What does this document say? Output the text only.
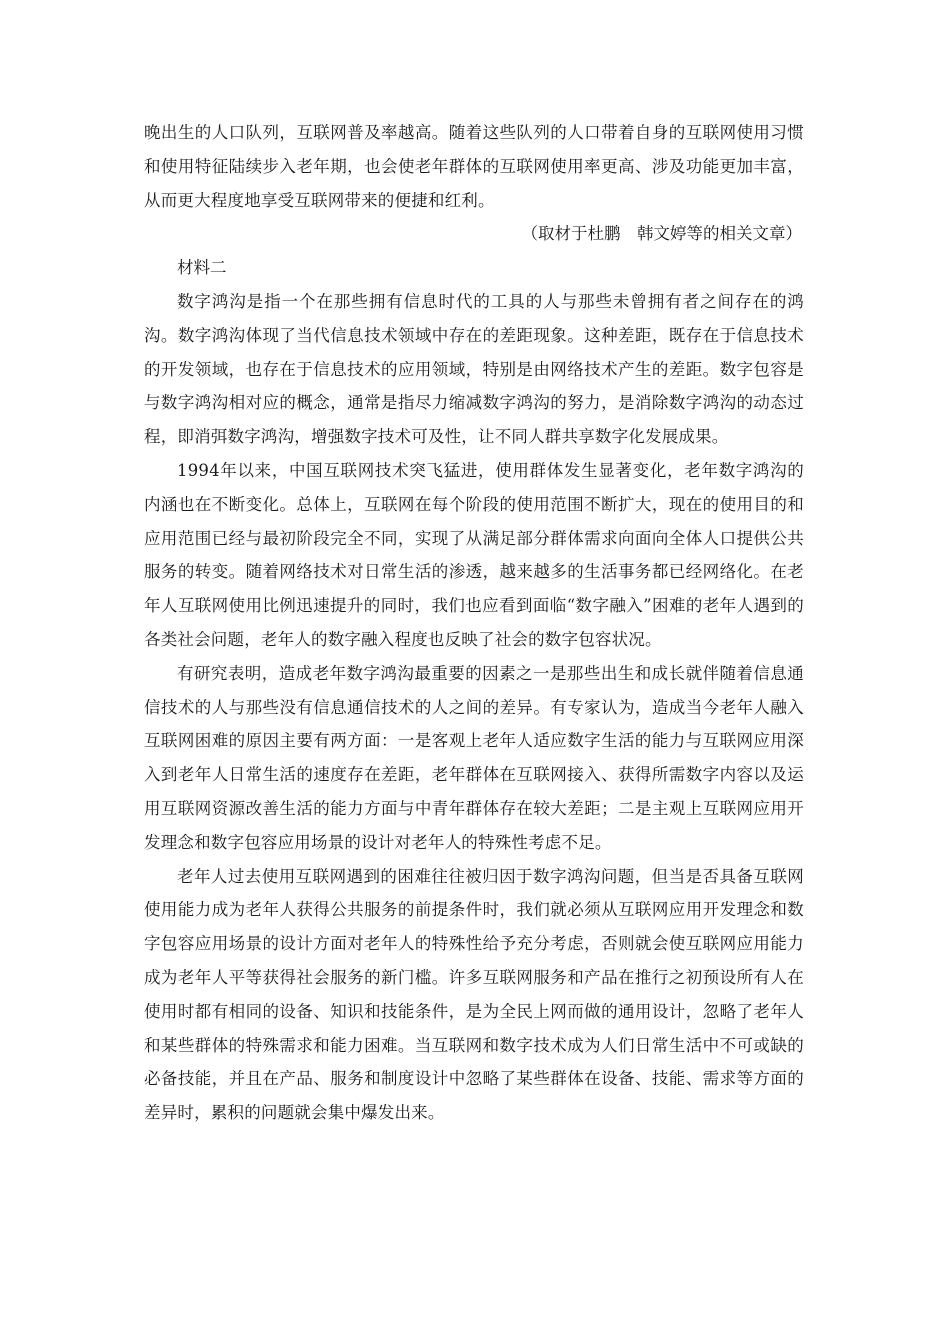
晚出生的人口队列，互联网普及率越高。随着这些队列的人口带着自身的互联网使用习惯和使用特征陆续步入老年期，也会使老年群体的互联网使用率更高、涉及功能更加丰富，从而更大程度地享受互联网带来的便捷和红利。

（取材于杜鹏　韩文婷等的相关文章）

材料二

数字鸿沟是指一个在那些拥有信息时代的工具的人与那些未曾拥有者之间存在的鸿沟。数字鸿沟体现了当代信息技术领域中存在的差距现象。这种差距，既存在于信息技术的开发领域，也存在于信息技术的应用领域，特别是由网络技术产生的差距。数字包容是与数字鸿沟相对应的概念，通常是指尽力缩减数字鸿沟的努力，是消除数字鸿沟的动态过程，即消弭数字鸿沟，增强数字技术可及性，让不同人群共享数字化发展成果。

1994年以来，中国互联网技术突飞猛进，使用群体发生显著变化，老年数字鸿沟的内涵也在不断变化。总体上，互联网在每个阶段的使用范围不断扩大，现在的使用目的和应用范围已经与最初阶段完全不同，实现了从满足部分群体需求向面向全体人口提供公共服务的转变。随着网络技术对日常生活的渗透，越来越多的生活事务都已经网络化。在老年人互联网使用比例迅速提升的同时，我们也应看到面临“数字融入”困难的老年人遇到的各类社会问题，老年人的数字融入程度也反映了社会的数字包容状况。

有研究表明，造成老年数字鸿沟最重要的因素之一是那些出生和成长就伴随着信息通信技术的人与那些没有信息通信技术的人之间的差异。有专家认为，造成当今老年人融入互联网困难的原因主要有两方面：一是客观上老年人适应数字生活的能力与互联网应用深入到老年人日常生活的速度存在差距，老年群体在互联网接入、获得所需数字内容以及运用互联网资源改善生活的能力方面与中青年群体存在较大差距；二是主观上互联网应用开发理念和数字包容应用场景的设计对老年人的特殊性考虑不足。

老年人过去使用互联网遇到的困难往往被归因于数字鸿沟问题，但当是否具备互联网使用能力成为老年人获得公共服务的前提条件时，我们就必须从互联网应用开发理念和数字包容应用场景的设计方面对老年人的特殊性给予充分考虑，否则就会使互联网应用能力成为老年人平等获得社会服务的新门槛。许多互联网服务和产品在推行之初预设所有人在使用时都有相同的设备、知识和技能条件，是为全民上网而做的通用设计，忽略了老年人和某些群体的特殊需求和能力困难。当互联网和数字技术成为人们日常生活中不可或缺的必备技能，并且在产品、服务和制度设计中忽略了某些群体在设备、技能、需求等方面的差异时，累积的问题就会集中爆发出来。
